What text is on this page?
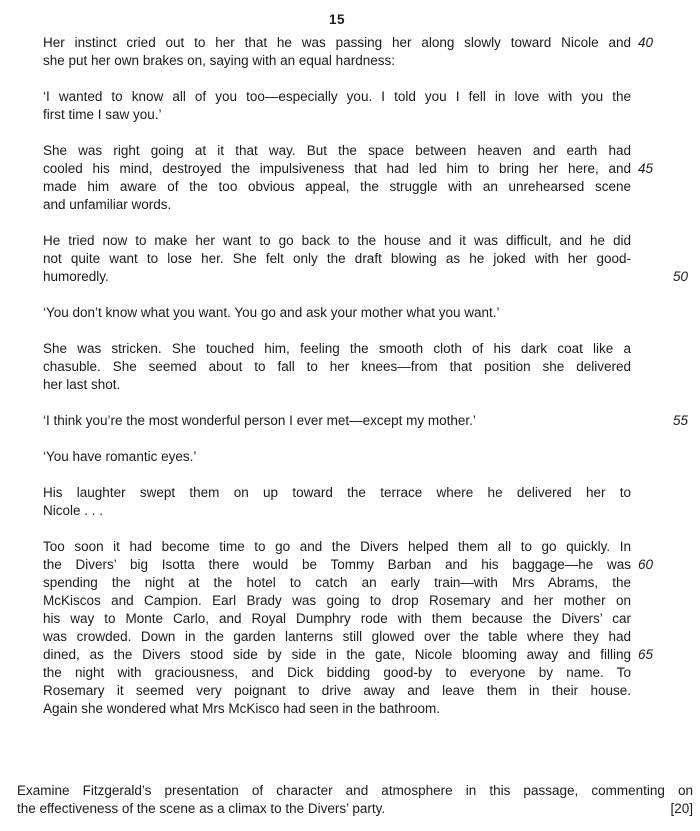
15
Her instinct cried out to her that he was passing her along slowly toward Nicole and 40
she put her own brakes on, saying with an equal hardness:
‘I wanted to know all of you too—especially you. I told you I fell in love with you the
first time I saw you.’
She was right going at it that way. But the space between heaven and earth had
cooled his mind, destroyed the impulsiveness that had led him to bring her here, and 45
made him aware of the too obvious appeal, the struggle with an unrehearsed scene
and unfamiliar words.
He tried now to make her want to go back to the house and it was difficult, and he did
not quite want to lose her. She felt only the draft blowing as he joked with her good-
humoredly.	50
‘You don’t know what you want. You go and ask your mother what you want.’
She was stricken. She touched him, feeling the smooth cloth of his dark coat like a
chasuble. She seemed about to fall to her knees—from that position she delivered
her last shot.
‘I think you’re the most wonderful person I ever met—except my mother.’	55
‘You have romantic eyes.’
His laughter swept them on up toward the terrace where he delivered her to
Nicole . . .
Too soon it had become time to go and the Divers helped them all to go quickly. In
the Divers’ big Isotta there would be Tommy Barban and his baggage—he was 60
spending the night at the hotel to catch an early train—with Mrs Abrams, the
McKiscos and Campion. Earl Brady was going to drop Rosemary and her mother on
his way to Monte Carlo, and Royal Dumphry rode with them because the Divers’ car
was crowded. Down in the garden lanterns still glowed over the table where they had
dined, as the Divers stood side by side in the gate, Nicole blooming away and filling 65
the night with graciousness, and Dick bidding good-by to everyone by name. To
Rosemary it seemed very poignant to drive away and leave them in their house.
Again she wondered what Mrs McKisco had seen in the bathroom.
Examine Fitzgerald’s presentation of character and atmosphere in this passage, commenting on
the effectiveness of the scene as a climax to the Divers’ party.	[20]
